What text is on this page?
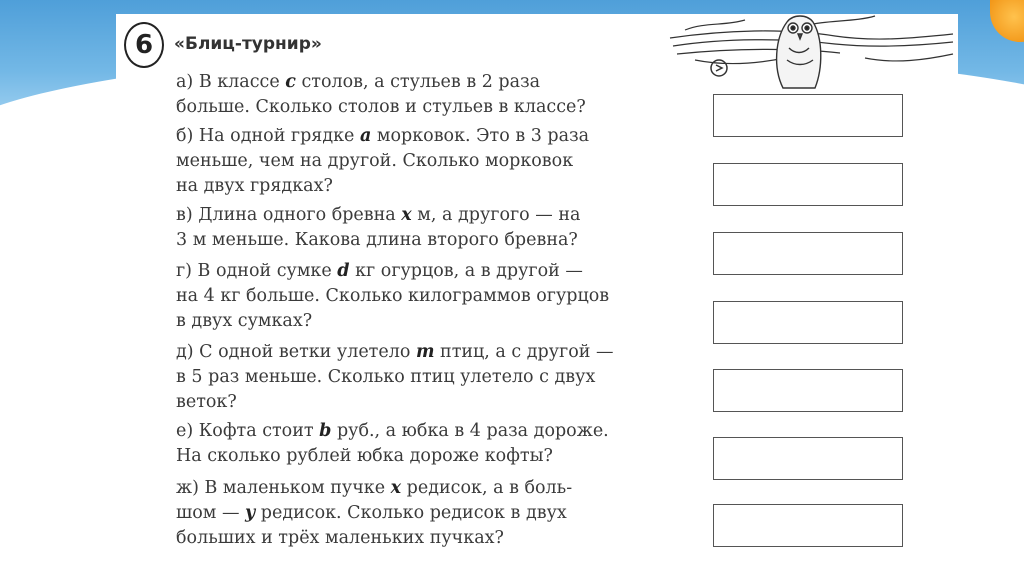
6	«Блиц-турнир»
а) В классе c столов, а стульев в 2 раза
больше. Сколько столов и стульев в классе?
б) На одной грядке a морковок. Это в 3 раза
меньше, чем на другой. Сколько морковок
на двух грядках?
в) Длина одного бревна x м, а другого — на
3 м меньше. Какова длина второго бревна?
г) В одной сумке d кг огурцов, а в другой —
на 4 кг больше. Сколько килограммов огурцов
в двух сумках?
д) С одной ветки улетело m птиц, а с другой —
в 5 раз меньше. Сколько птиц улетело с двух
веток?
е) Кофта стоит b руб., а юбка в 4 раза дороже.
На сколько рублей юбка дороже кофты?
ж) В маленьком пучке x редисок, а в боль-
шом — y редисок. Сколько редисок в двух
больших и трёх маленьких пучках?
